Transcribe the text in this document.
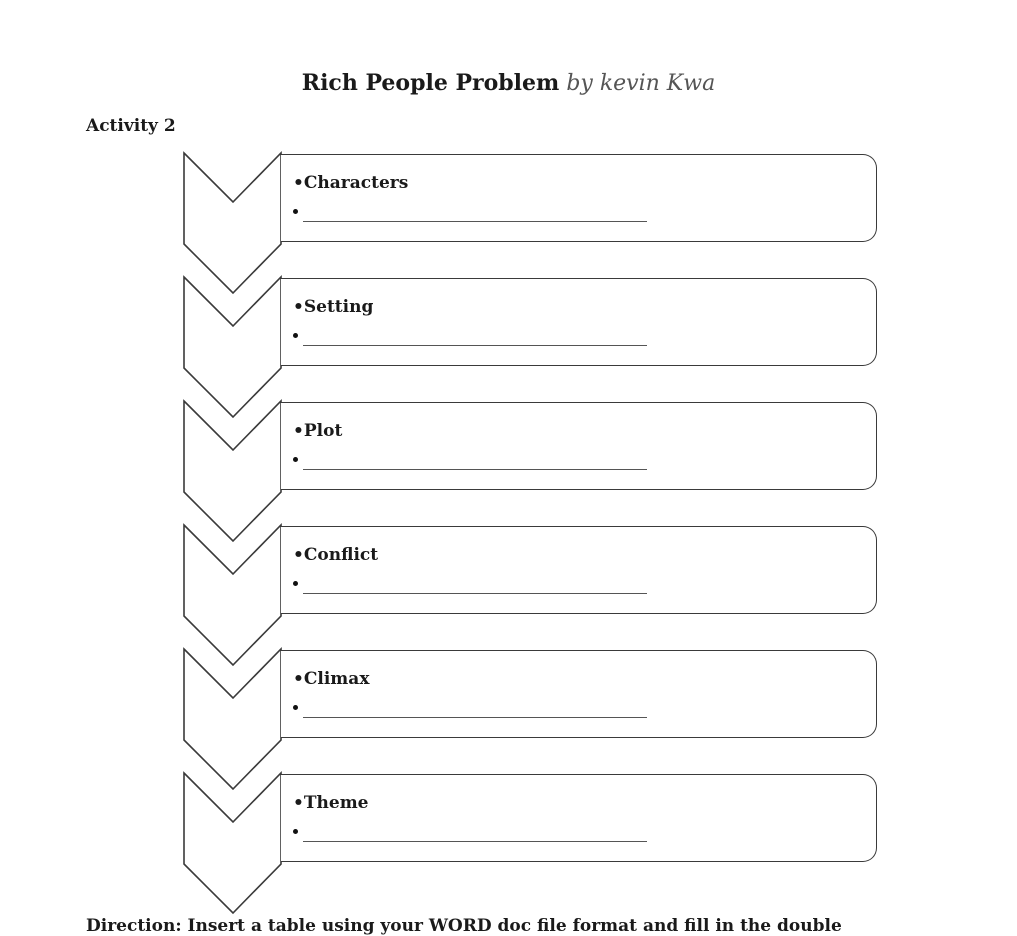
Rich People Problem by kevin Kwa
Activity 2
•Characters
•Setting
•Plot
•Conflict
•Climax
•Theme
Direction: Insert a table using your WORD doc file format and fill in the double
